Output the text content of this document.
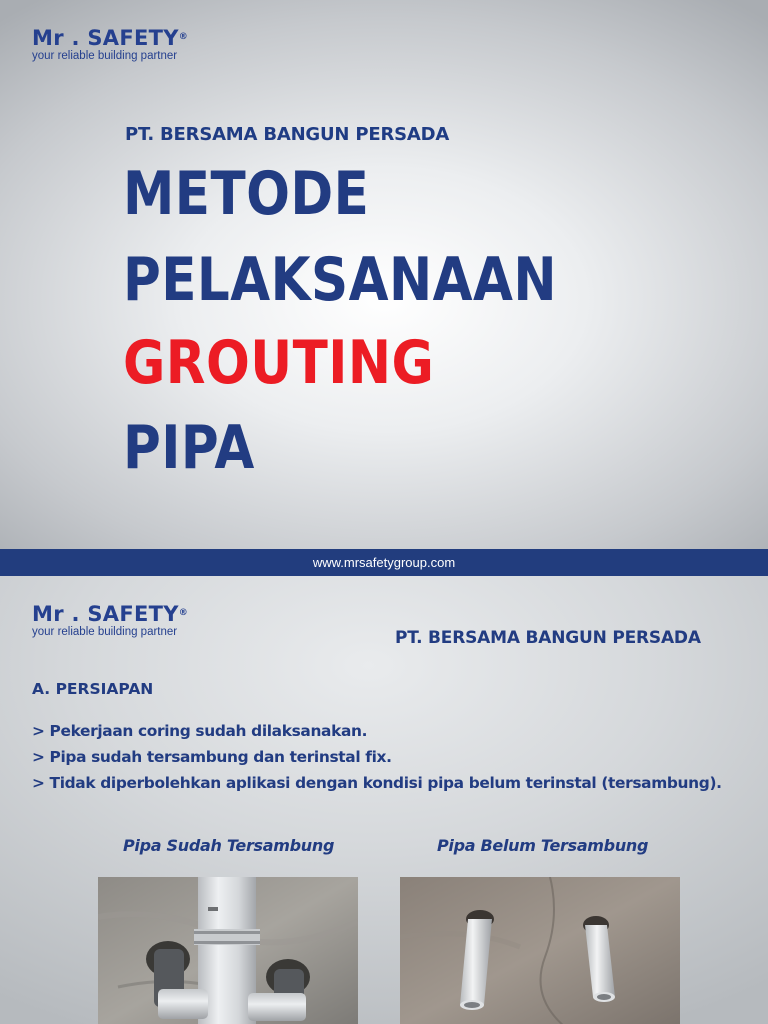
Mr . SAFETY®
your reliable building partner
PT. BERSAMA BANGUN PERSADA
METODE
PELAKSANAAN
GROUTING
PIPA
www.mrsafetygroup.com
Mr . SAFETY®
your reliable building partner	PT. BERSAMA BANGUN PERSADA
A. PERSIAPAN
> Pekerjaan coring sudah dilaksanakan.
> Pipa sudah tersambung dan terinstal fix.
> Tidak diperbolehkan aplikasi dengan kondisi pipa belum terinstal (tersambung).
Pipa Sudah Tersambung	Pipa Belum Tersambung
